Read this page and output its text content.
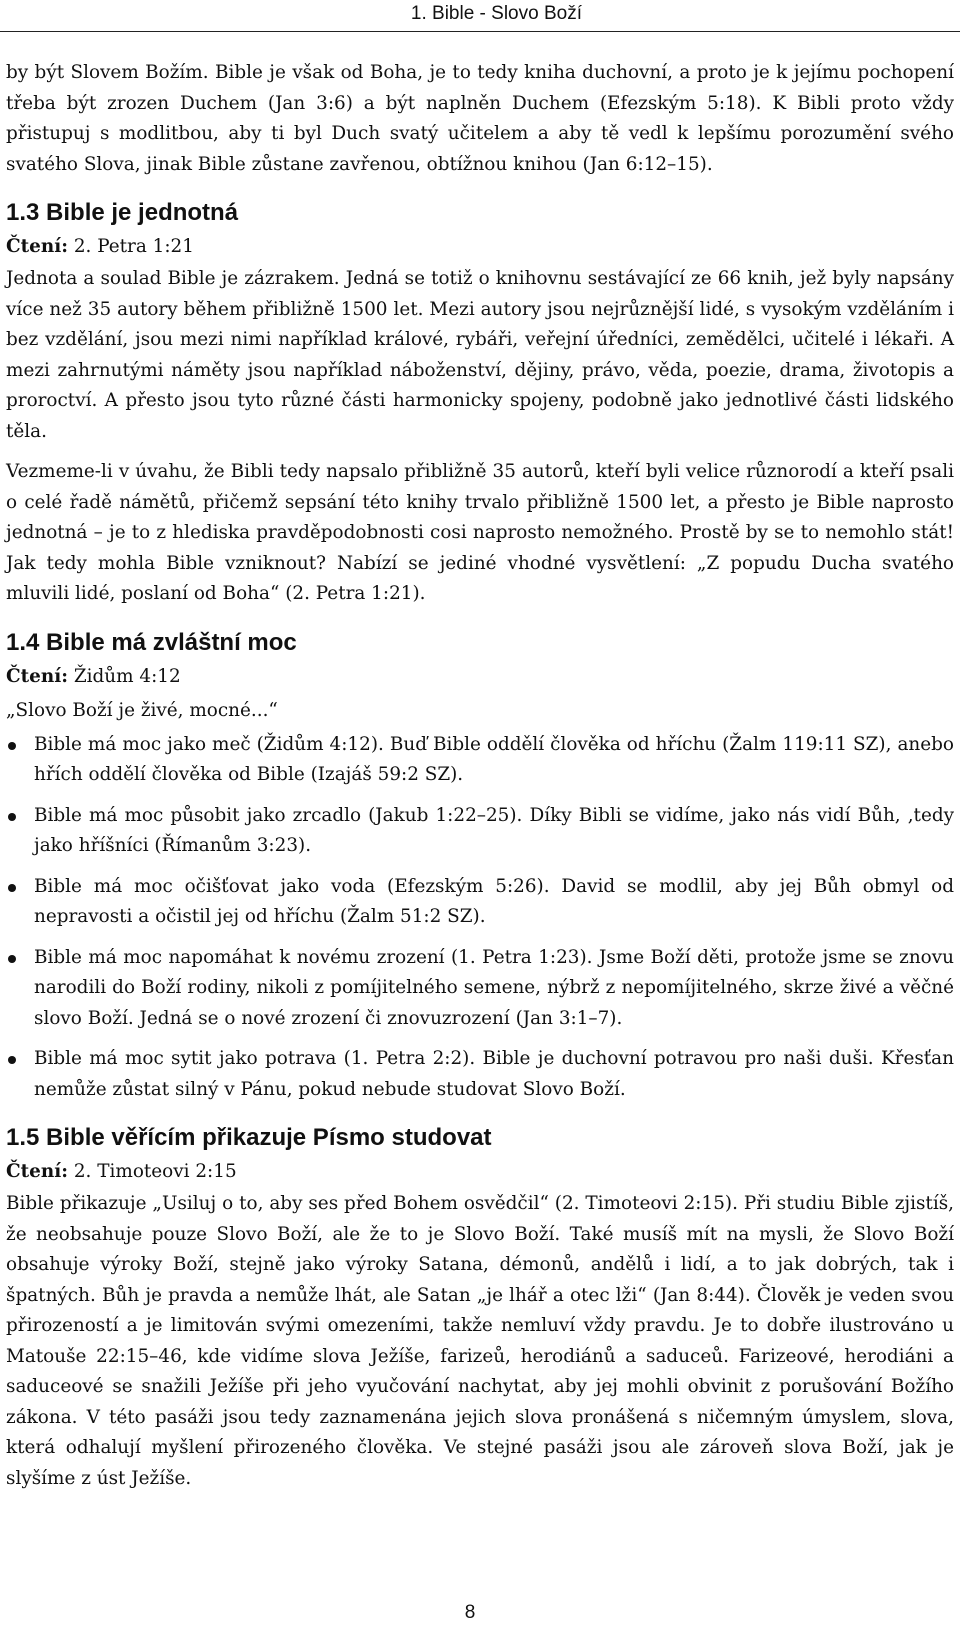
1. Bible - Slovo Boží

by být Slovem Božím. Bible je však od Boha, je to tedy kniha duchovní, a proto je k jejímu pochopení třeba být zrozen Duchem (Jan 3:6) a být naplněn Duchem (Efezským 5:18). K Bibli proto vždy přistupuj s modlitbou, aby ti byl Duch svatý učitelem a aby tě vedl k lepšímu porozumění svého svatého Slova, jinak Bible zůstane zavřenou, obtížnou knihou (Jan 6:12–15).

1.3 Bible je jednotná
Čtení: 2. Petra 1:21

Jednota a soulad Bible je zázrakem. Jedná se totiž o knihovnu sestávající ze 66 knih, jež byly napsány více než 35 autory během přibližně 1500 let. Mezi autory jsou nejrůznější lidé, s vysokým vzděláním i bez vzdělání, jsou mezi nimi například králové, rybáři, veřejní úředníci, zemědělci, učitelé i lékaři. A mezi zahrnutými náměty jsou například náboženství, dějiny, právo, věda, poezie, drama, životopis a proroctví. A přesto jsou tyto různé části harmonicky spojeny, podobně jako jednotlivé části lidského těla.

Vezmeme-li v úvahu, že Bibli tedy napsalo přibližně 35 autorů, kteří byli velice různorodí a kteří psali o celé řadě námětů, přičemž sepsání této knihy trvalo přibližně 1500 let, a přesto je Bible naprosto jednotná – je to z hlediska pravděpodobnosti cosi naprosto nemožného. Prostě by se to nemohlo stát! Jak tedy mohla Bible vzniknout? Nabízí se jediné vhodné vysvětlení: „Z popudu Ducha svatého mluvili lidé, poslaní od Boha“ (2. Petra 1:21).

1.4 Bible má zvláštní moc
Čtení: Židům 4:12
„Slovo Boží je živé, mocné...“

Bible má moc jako meč (Židům 4:12). Buď Bible oddělí člověka od hříchu (Žalm 119:11 SZ), anebo hřích oddělí člověka od Bible (Izajáš 59:2 SZ).

Bible má moc působit jako zrcadlo (Jakub 1:22–25). Díky Bibli se vidíme, jako nás vidí Bůh, ,tedy jako hříšníci (Římanům 3:23).

Bible má moc očišťovat jako voda (Efezským 5:26). David se modlil, aby jej Bůh obmyl od nepravosti a očistil jej od hříchu (Žalm 51:2 SZ).

Bible má moc napomáhat k novému zrození (1. Petra 1:23). Jsme Boží děti, protože jsme se znovu narodili do Boží rodiny, nikoli z pomíjitelného semene, nýbrž z nepomíjitelného, skrze živé a věčné slovo Boží. Jedná se o nové zrození či znovuzrození (Jan 3:1–7).

Bible má moc sytit jako potrava (1. Petra 2:2). Bible je duchovní potravou pro naši duši. Křesťan nemůže zůstat silný v Pánu, pokud nebude studovat Slovo Boží.

1.5 Bible věřícím přikazuje Písmo studovat
Čtení: 2. Timoteovi 2:15

Bible přikazuje „Usiluj o to, aby ses před Bohem osvědčil“ (2. Timoteovi 2:15). Při studiu Bible zjistíš, že neobsahuje pouze Slovo Boží, ale že to je Slovo Boží. Také musíš mít na mysli, že Slovo Boží obsahuje výroky Boží, stejně jako výroky Satana, démonů, andělů i lidí, a to jak dobrých, tak i špatných. Bůh je pravda a nemůže lhát, ale Satan „je lhář a otec lži“ (Jan 8:44). Člověk je veden svou přirozeností a je limitován svými omezeními, takže nemluví vždy pravdu. Je to dobře ilustrováno u Matouše 22:15–46, kde vidíme slova Ježíše, farizeů, herodiánů a saduceů. Farizeové, herodiáni a saduceové se snažili Ježíše při jeho vyučování nachytat, aby jej mohli obvinit z porušování Božího zákona. V této pasáži jsou tedy zaznamenána jejich slova pronášená s ničemným úmyslem, slova, která odhalují myšlení přirozeného člověka. Ve stejné pasáži jsou ale zároveň slova Boží, jak je slyšíme z úst Ježíše.

8
